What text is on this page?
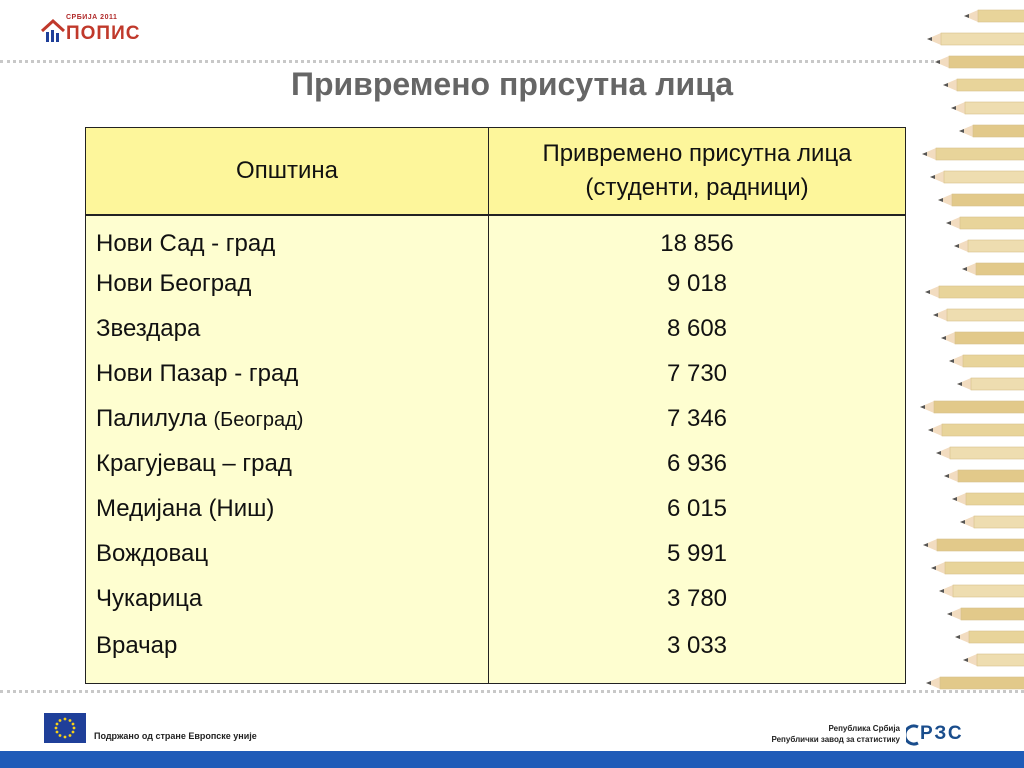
СРБИЈА 2011
ПОПИС
Привремено присутна лица
Општина	Привремено присутна лица
(студенти, радници)
Нови Сад - град	18 856
Нови Београд	9 018
Звездара	8 608
Нови Пазар - град	7 730
Палилула (Београд)	7 346
Крагујевац – град	6 936
Медијана (Ниш)	6 015
Вождовац	5 991
Чукарица	3 780
Врачар	3 033
Подржано од стране Европске уније
Република Србија
Републички завод за статистику РЗС
